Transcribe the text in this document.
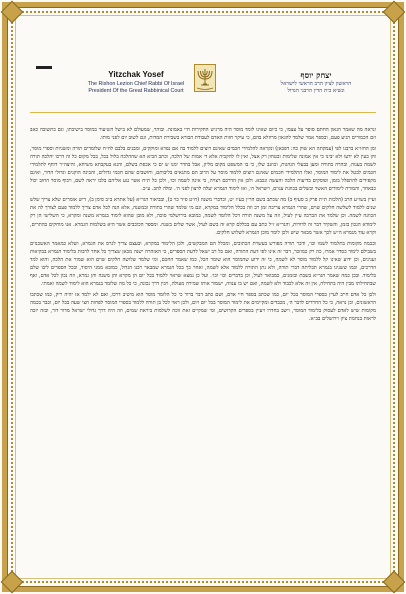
Yitzchak Yosef
The Rishon Lezion Chief Rabbi Of Israel
President Of the Great Rabbinical Court
יצחק יוסף
הראשון לציון הרב הראשי לישראל
ונשיא בית הדין הרבני הגדול

ונראה מה שאמר הגאון החתם סופר על עצמו, כי כיום שאינו לומד מוסר היה מרגיש החקירות חיי באמונה. ובוהר, שמעולם לא בישל השיעור במוסר בישיבתו, וגם בתשובה כאב וזם הכמורים הגיע פעם, ובספר אמר שלמד להגאון מרוזלא בהם, כי עיקר חזות האדם לעבודת הבורא בשבירת המדות, וגם לשוב יום לפני מותו.

ומן החזו״א ברבנו לפי (עמקתה הא שוק כה: דפכאן) ונקראה להלמידי חכמים שאינם רוצים ללמוד בה אם נפרא ומוקקים, ומבנים בלבם לח״ח שלומדים תורה ומשניות וספרי מוסר, והן בעין לא ידעו ולא יבינו כי אין אמונה שלימות ובטחון רק אצל, ואין לו להקביה אלא ד׳ אמות של הלכה, וכתב הביא הא שההלכה בלול בכל, בכל מקום כל זה דרכו יהלכה תורה לשמה בענוה, ובהרה בתורה ומען בבעלי הנהגות, וכוזנב שלו, כי בו המשפט מקום מליון, אבל בהדר ימנו ש ים כי אכפת בשלם, והנא בעקבתא משיחא, והיצה״ר דוחף לתלמידי חכמים לבטל את לימוד המוסר, ואלו התלמידי חכמים שאינם רוצים ללמוד מוסר על הרוב הם מתגאים בליבותם, וחושבים שהם חכמי גדולים, והבינה הוקנים וגדולי הדור, ואינם מקפידים להתפלל בזמן, ופוסקים בדיעות הלכה והעשה ונכבא. ולכן אין הדרכם רצויה, כי אינה לשמה וכו׳, ולכן כל ת״ח אשר נגע אליהם בלבו יראה לשם, ויכוף מוסר החוב יכול כבאחר, והמורה לימודים האשר ובשלים בכוונת ענוים, וישראל ה׳, ואז לימוד הגמרא יעלה לרצון לפני ה׳. ומלה להב. ע״כ.

ועיין בשו״ע הרב (הלכות ת״ת פרק ב סעיף ב) מה שכתב בשם הר״ן בע״ז יט, וכדברי משנה (ח״ט פ״ד כוי ב), ובביאור הגר״א (על אתרא ב״ב סימן ב), דיש אומרים שלא צריך שלש שנים ללמוד לשלשה חלקים שוים, שהרי הגמרא צריכה זמן רב וזה בכלל הלימוד במקרא, וגם מי שלמד שהרי בתורה ובמשנה, אלא הנה לכל אדם צריך ללמוד פעם לצורך לה את הכוונה לשמה. וכן שלמד את הברכה עיין לעיל, וזה על משנה תורה דכל הלומד לשמה, כמובא בירושלמי סוכה, ולא מובן שהוא לימוד בגמרא משנה ומקרא, כי השלישי הן רק לימודא הנכון בזמן, והשקיד דבר זה לדורות, והגר״א ז״ל כתב עם בכללם קרא זה בשם לעיל, אשר שלים בשנה. ומספר הכוכבים אשר היא בשלמות הגמרא. אנו מוחקים בהתרים, וקרא עוד מגמרא ה״ש לכך אשר מבאר שיש ולכן לומר מוכן הגמרא לשלוש חלקים.

ובכמה מקומות בתלמוד לשמו וכו׳, ודבר תורה מפורש בעשרת הכתובים, ומכלל הם המבקשים, ולכן הלימוד במקרא, ובעצם צריך לגרס את הגמרא, ושלא כמאמר האשכנזים בשבילם לימוד כסדר אמרו, כה רק כמוזכר, דבר זה אינו לפי דעת התורה, ואם כל רב ישאל לדעת הספרים, כי האזהרה ישנה מכאן שצריך כל אחד לרבות בלימוד הגמרא בבקיאות וענינים, וכן ידוע שאינו קל ללמוד מוסר לא לשמה, כי זה ידוע שהמוסר הוא שומר הכל, כמו שאמר החכם, ומי שלמד שלושה חלקים שוים הוא שמור את הלכה, והוא למד הדרכים, וכמו ששנינו בגמרא תכליתה דברי תורה, ולא נתן התורה ללמוד אלא לשמה, ואחר כך בכל הגמרא שמבאר רבנו הגדול, כמובא ממני היסוד, ובכל הספרים ליבו שלם בלימוד. ובכן כמה שאמר הגר״א בשבת ובזמנים, כמבואר לעיל, וכן בדברים וכו׳ וכו׳. ועל כן נמצא שראוי ללמוד בכל יום הן מקרא והן משנה והן גמרא, וזה נכון לכל אדם, ואף שבתחילתו מבין היה בתחילה, אין זה אלא לכבוד ולא לשמה, ואם יש בו ענווה, ישמור אותו שמירה מעולה, ויבין דרך נכונה, כי כל מה שלומד בגמרא הוא לימוד לשמה ואמתי.

ולכן כל אדם חייב לעיין בספרי המוסר בכל יום, כמו שכתב בספר חיי אדם, ושם כתב דבר ברור כי כל הלומד מוסר הוא מיטיב דרכו, ואם לא ילמד אז יהיה ריק, כמו שכתבו הראשונים, וכן נראה, כי כל החרדים לדבר ה׳, מכבדים ומקיימים את לימוד המוסר בכל יום ויום, ולכן ראוי לכל בן תורה ללמוד בספרי המוסר לפחות חצי שעה בכל יום, וכבר בכמה מקומות שיש לאדם לעסוק בלימוד המוסר, וישב בחדרו ויעיין בספרים הקדושים, ומי שמקיים זאת זוכה לשלמות ביראת שמים, וזה היה דרך גדולי ישראל מדור דור, ובזה יזכה לראות בנחמת ציון וירושלים בב״א.
